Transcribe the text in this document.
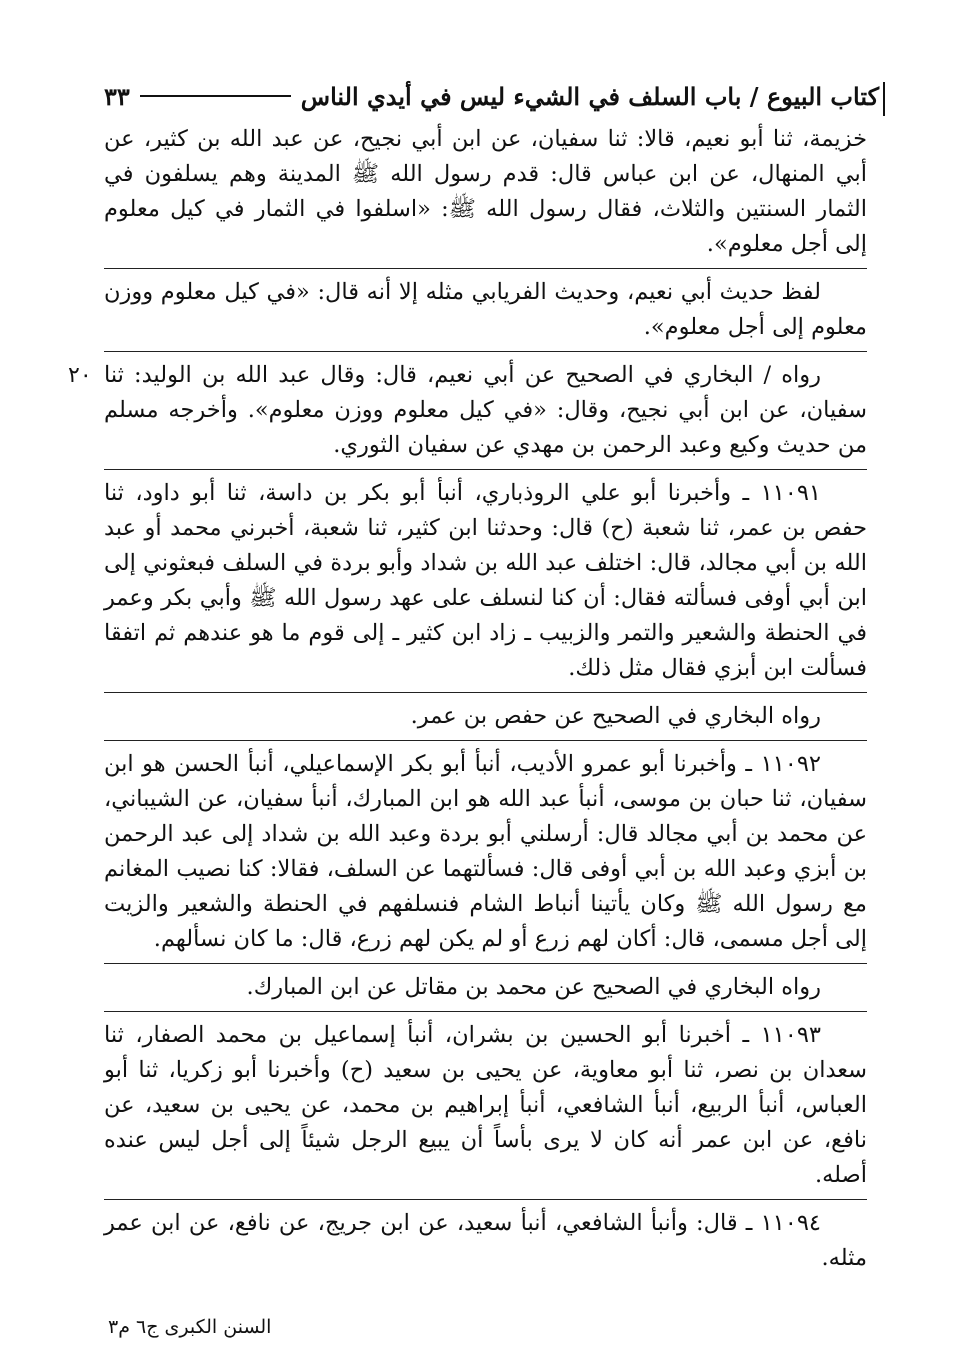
كتاب البيوع / باب السلف في الشيء ليس في أيدي الناس
٣٣

خزيمة، ثنا أبو نعيم، قالا: ثنا سفيان، عن ابن أبي نجيح، عن عبد الله بن كثير، عن أبي المنهال، عن ابن عباس قال: قدم رسول الله ﷺ المدينة وهم يسلفون في الثمار السنتين والثلاث، فقال رسول الله ﷺ: «اسلفوا في الثمار في كيل معلوم إلى أجل معلوم».

لفظ حديث أبي نعيم، وحديث الفريابي مثله إلا أنه قال: «في كيل معلوم ووزن معلوم إلى أجل معلوم».

رواه / البخاري في الصحيح عن أبي نعيم، قال: وقال عبد الله بن الوليد: ثنا سفيان، عن ابن أبي نجيح، وقال: «في كيل معلوم ووزن معلوم». وأخرجه مسلم من حديث وكيع وعبد الرحمن بن مهدي عن سفيان الثوري.
٢٠

١١٠٩١ ـ وأخبرنا أبو علي الروذباري، أنبأ أبو بكر بن داسة، ثنا أبو داود، ثنا حفص بن عمر، ثنا شعبة (ح) قال: وحدثنا ابن كثير، ثنا شعبة، أخبرني محمد أو عبد الله بن أبي مجالد، قال: اختلف عبد الله بن شداد وأبو بردة في السلف فبعثوني إلى ابن أبي أوفى فسألته فقال: أن كنا لنسلف على عهد رسول الله ﷺ وأبي بكر وعمر في الحنطة والشعير والتمر والزبيب ـ زاد ابن كثير ـ إلى قوم ما هو عندهم ثم اتفقا فسألت ابن أبزي فقال مثل ذلك.

رواه البخاري في الصحيح عن حفص بن عمر.

١١٠٩٢ ـ وأخبرنا أبو عمرو الأديب، أنبأ أبو بكر الإسماعيلي، أنبأ الحسن هو ابن سفيان، ثنا حبان بن موسى، أنبأ عبد الله هو ابن المبارك، أنبأ سفيان، عن الشيباني، عن محمد بن أبي مجالد قال: أرسلني أبو بردة وعبد الله بن شداد إلى عبد الرحمن بن أبزي وعبد الله بن أبي أوفى قال: فسألتهما عن السلف، فقالا: كنا نصيب المغانم مع رسول الله ﷺ وكان يأتينا أنباط الشام فنسلفهم في الحنطة والشعير والزيت إلى أجل مسمى، قال: أكان لهم زرع أو لم يكن لهم زرع، قال: ما كان نسألهم.

رواه البخاري في الصحيح عن محمد بن مقاتل عن ابن المبارك.

١١٠٩٣ ـ أخبرنا أبو الحسين بن بشران، أنبأ إسماعيل بن محمد الصفار، ثنا سعدان بن نصر، ثنا أبو معاوية، عن يحيى بن سعيد (ح) وأخبرنا أبو زكريا، ثنا أبو العباس، أنبأ الربيع، أنبأ الشافعي، أنبأ إبراهيم بن محمد، عن يحيى بن سعيد، عن نافع، عن ابن عمر أنه كان لا يرى بأساً أن يبيع الرجل شيئاً إلى أجل ليس عنده أصله.

١١٠٩٤ ـ قال: وأنبأ الشافعي، أنبأ سعيد، عن ابن جريج، عن نافع، عن ابن عمر مثله.

السنن الكبرى ج٦ م٣
